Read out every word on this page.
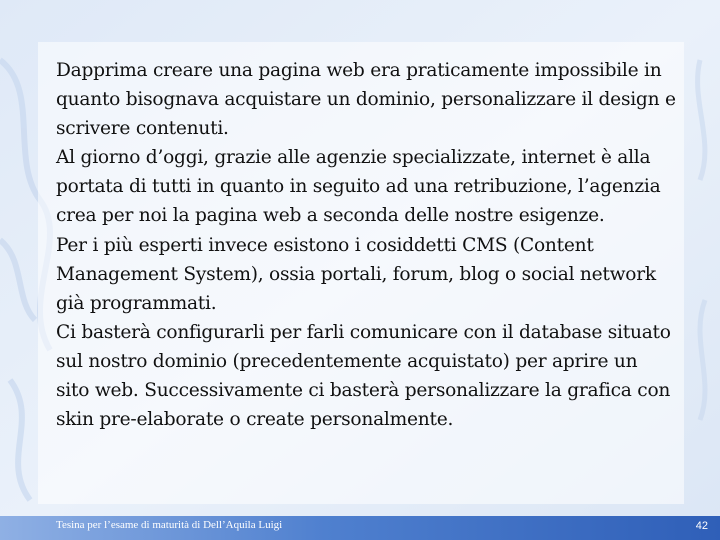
Dapprima creare una pagina web era praticamente impossibile in quanto bisognava acquistare un dominio, personalizzare il design e scrivere contenuti.

Al giorno d’oggi, grazie alle agenzie specializzate, internet è alla portata di tutti in quanto in seguito ad una retribuzione, l’agenzia crea per noi la pagina web a seconda delle nostre esigenze.

Per i più esperti invece esistono i cosiddetti CMS (Content Management System), ossia portali, forum, blog o social network già programmati.

Ci basterà configurarli per farli comunicare con il database situato sul nostro dominio (precedentemente acquistato) per aprire un sito web. Successivamente ci basterà personalizzare la grafica con skin pre-elaborate o create personalmente.

Tesina per l’esame di maturità di Dell’Aquila Luigi	42
